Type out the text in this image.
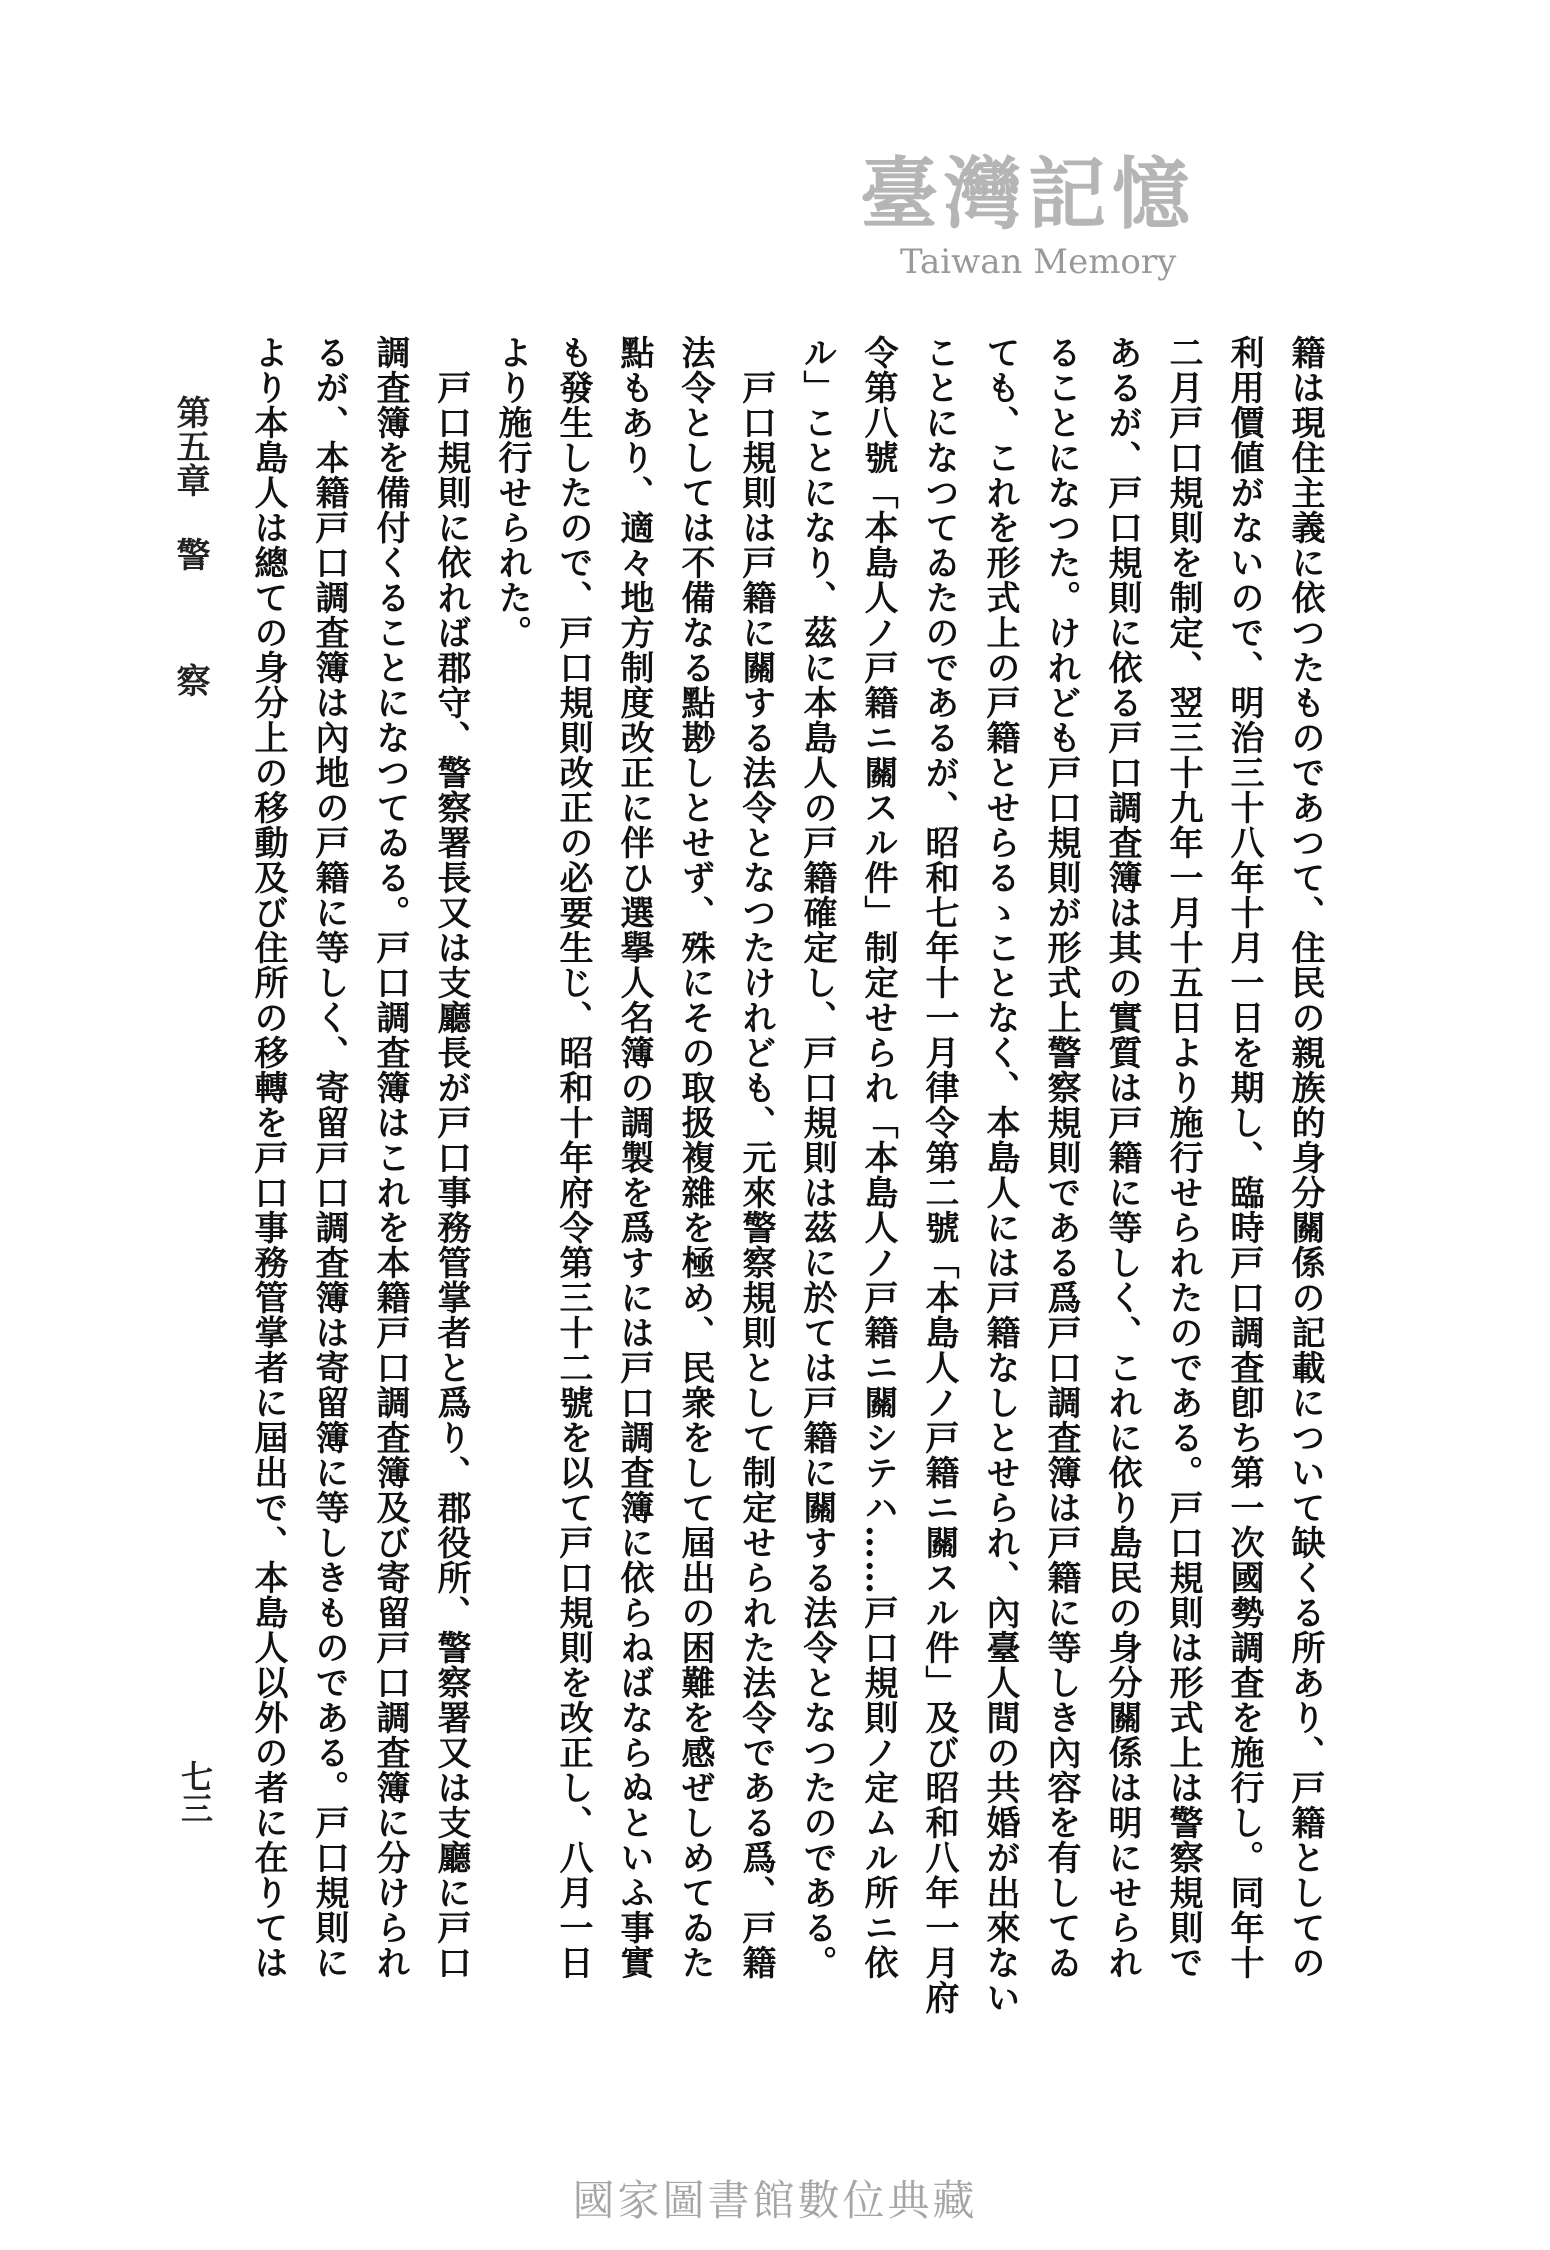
第五章警 察	籍は現住主義に依つたものであつて、住民の親族的身分關係の記載について缺くる所あり、戸籍としての
利用價値がないので、明治三十八年十月一日を期し、臨時戸口調査卽ち第一次國勢調査を施行し。同年十
二月戸口規則を制定、翌三十九年一月十五日より施行せられたのである。戸口規則は形式上は警察規則で
あるが、戸口規則に依る戸口調査簿は其の實質は戸籍に等しく、これに依り島民の身分關係は明にせられ
ることになつた。けれども戸口規則が形式上警察規則である爲戸口調査簿は戸籍に等しき內容を有してゐ
ても、これを形式上の戸籍とせらるゝことなく、本島人には戸籍なしとせられ、內臺人間の共婚が出來ない
ことになつてゐたのであるが、昭和七年十一月律令第二號「本島人ノ戸籍ニ關スル件」及び昭和八年一月府
令第八號「本島人ノ戸籍ニ關スル件」制定せられ「本島人ノ戸籍ニ關シテハ……戸口規則ノ定ムル所ニ依
ル」ことになり、茲に本島人の戸籍確定し、戸口規則は茲に於ては戸籍に關する法令となつたのである。
戸口規則は戸籍に關する法令となつたけれども、元來警察規則として制定せられた法令である爲、戸籍
法令としては不備なる點尠しとせず、殊にその取扱複雜を極め、民衆をして屆出の困難を感ぜしめてゐた
點もあり、適々地方制度改正に伴ひ選擧人名簿の調製を爲すには戸口調査簿に依らねばならぬといふ事實
も發生したので、戸口規則改正の必要生じ、昭和十年府令第三十二號を以て戸口規則を改正し、八月一日
より施行せられた。
戸口規則に依れば郡守、警察署長又は支廳長が戸口事務管掌者と爲り、郡役所、警察署又は支廳に戸口
調査簿を備付くることになつてゐる。戸口調査簿はこれを本籍戸口調査簿及び寄留戸口調査簿に分けられ
るが、本籍戸口調査簿は內地の戸籍に等しく、寄留戸口調査簿は寄留簿に等しきものである。戸口規則に
より本島人は總ての身分上の移動及び住所の移轉を戸口事務管掌者に屆出で、本島人以外の者に在りては
七三
臺灣記憶
Taiwan Memory
國家圖書館數位典藏
